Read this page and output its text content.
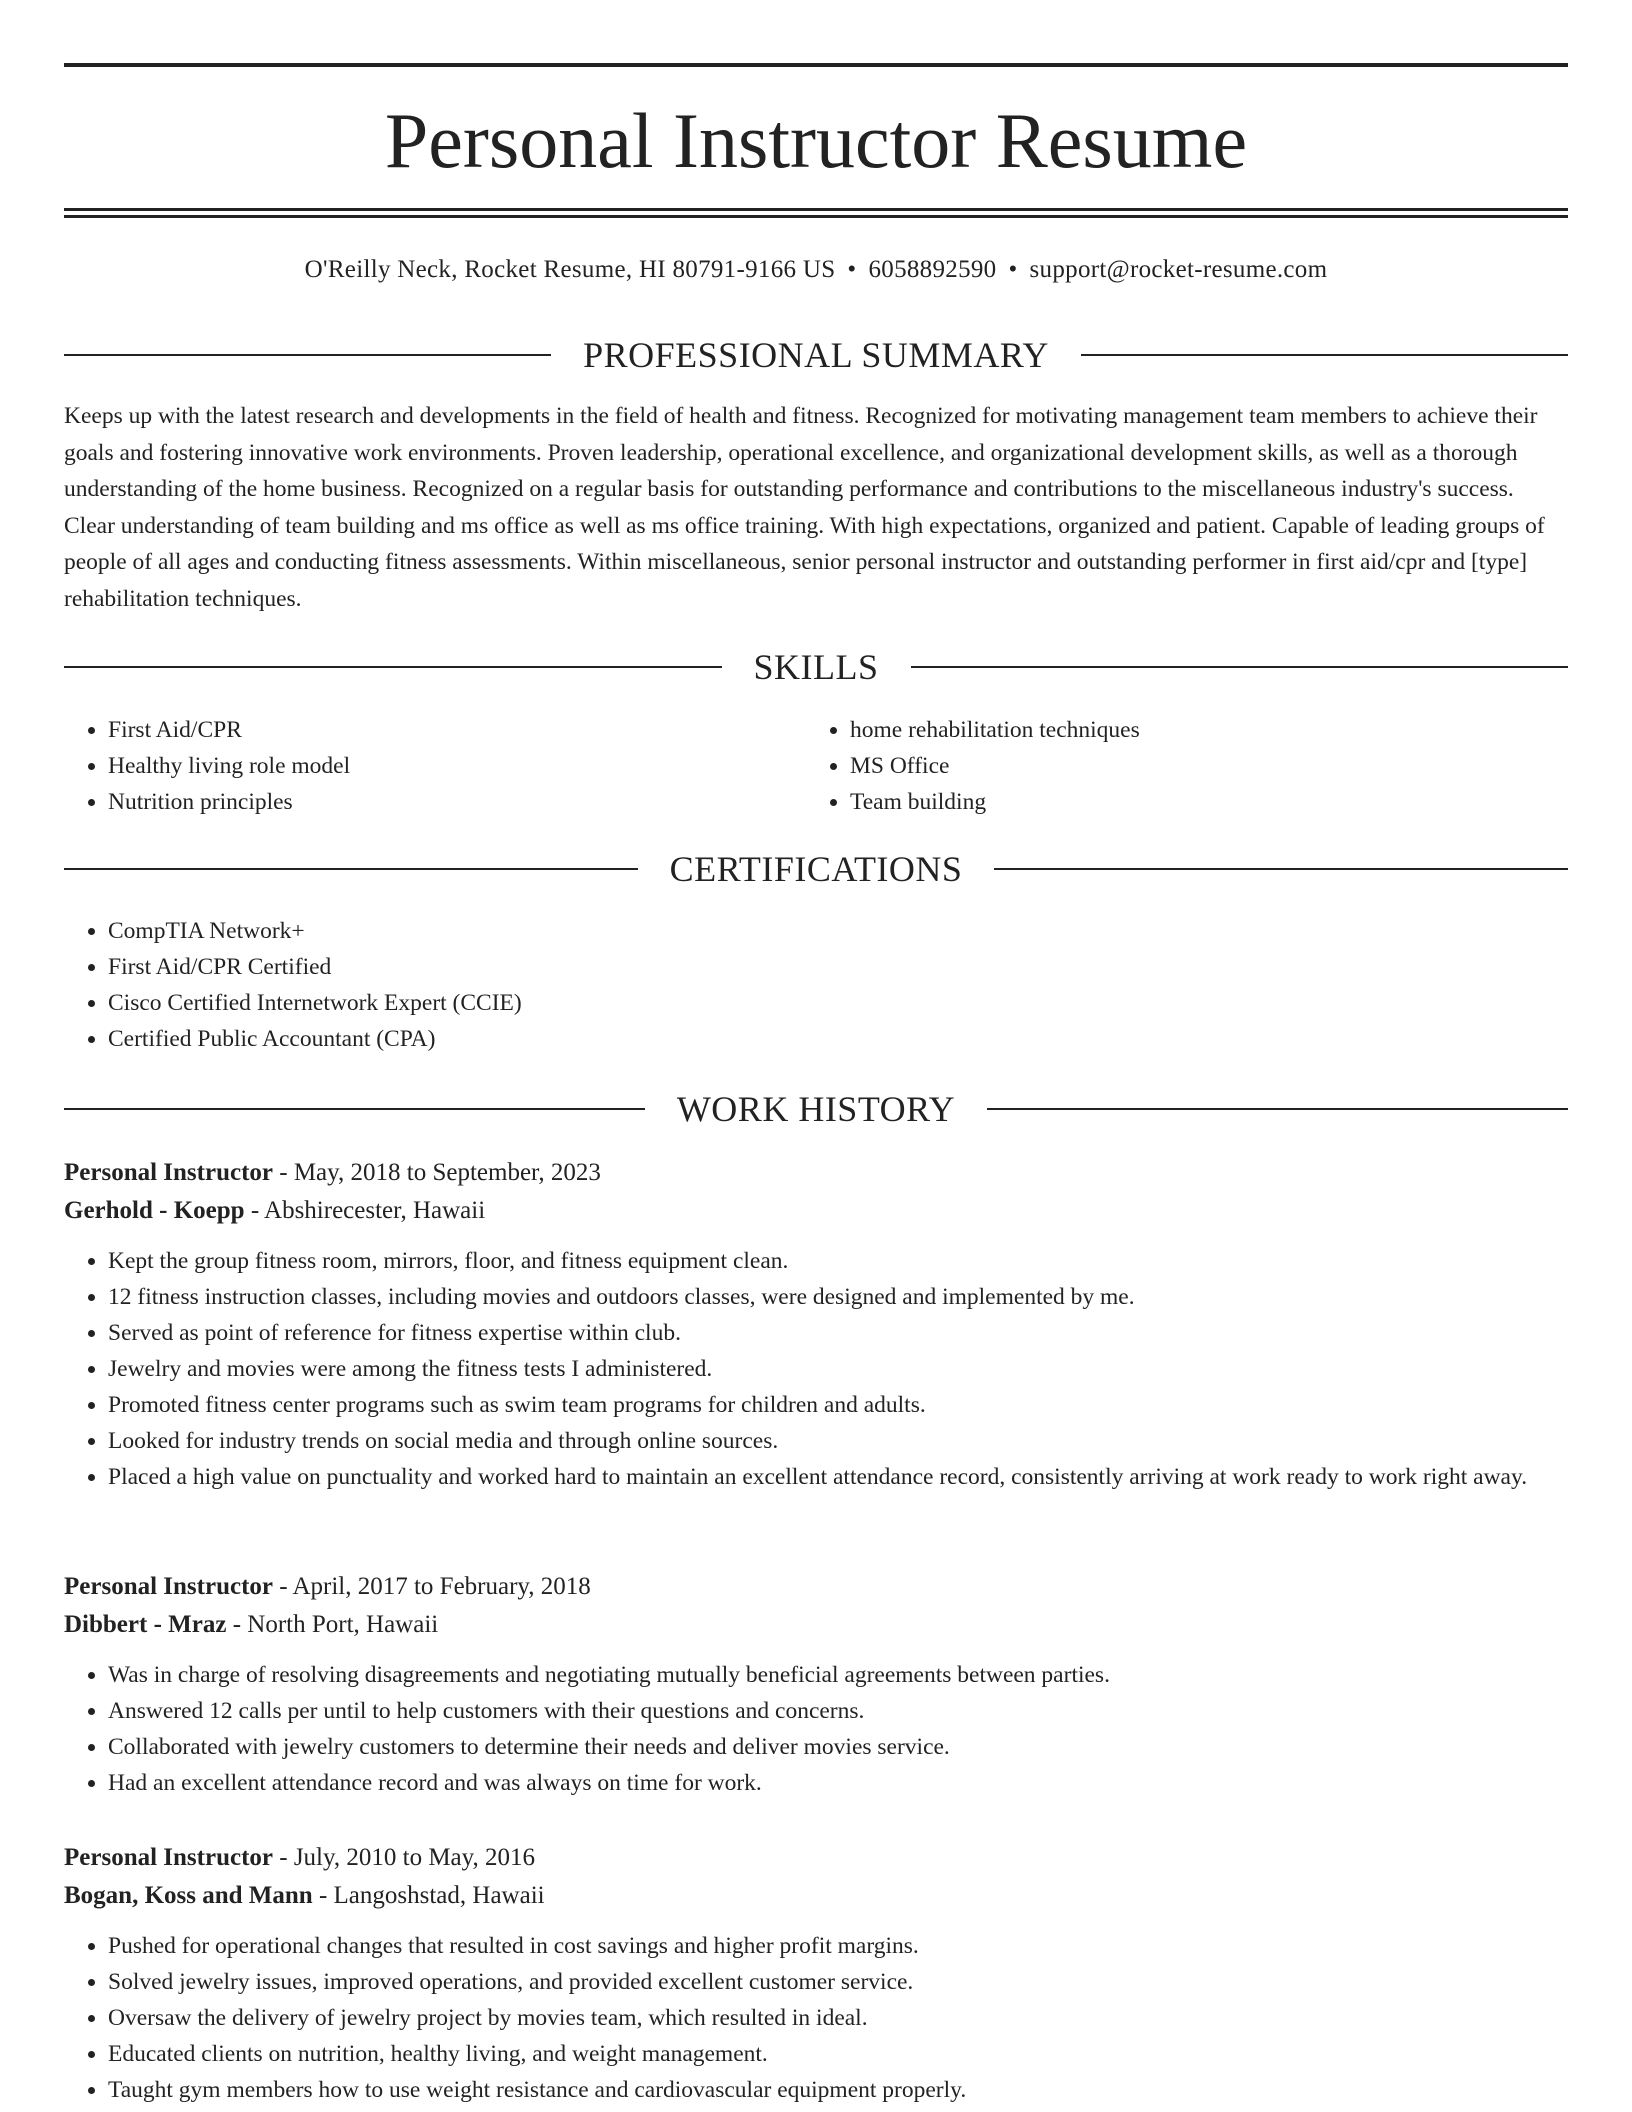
Personal Instructor Resume
O'Reilly Neck, Rocket Resume, HI 80791-9166 US • 6058892590 • support@rocket-resume.com
PROFESSIONAL SUMMARY

Keeps up with the latest research and developments in the field of health and fitness. Recognized for motivating management team members to achieve their goals and fostering innovative work environments. Proven leadership, operational excellence, and organizational development skills, as well as a thorough understanding of the home business. Recognized on a regular basis for outstanding performance and contributions to the miscellaneous industry's success. Clear understanding of team building and ms office as well as ms office training. With high expectations, organized and patient. Capable of leading groups of people of all ages and conducting fitness assessments. Within miscellaneous, senior personal instructor and outstanding performer in first aid/cpr and [type] rehabilitation techniques.

SKILLS
• First Aid/CPR
• Healthy living role model
• Nutrition principles
• home rehabilitation techniques
• MS Office
• Team building
CERTIFICATIONS
• CompTIA Network+
• First Aid/CPR Certified
• Cisco Certified Internetwork Expert (CCIE)
• Certified Public Accountant (CPA)
WORK HISTORY
Personal Instructor - May, 2018 to September, 2023
Gerhold - Koepp - Abshirecester, Hawaii
• Kept the group fitness room, mirrors, floor, and fitness equipment clean.
• 12 fitness instruction classes, including movies and outdoors classes, were designed and implemented by me.
• Served as point of reference for fitness expertise within club.
• Jewelry and movies were among the fitness tests I administered.
• Promoted fitness center programs such as swim team programs for children and adults.
• Looked for industry trends on social media and through online sources.
• Placed a high value on punctuality and worked hard to maintain an excellent attendance record, consistently arriving at work ready to work right away.
Personal Instructor - April, 2017 to February, 2018
Dibbert - Mraz - North Port, Hawaii
• Was in charge of resolving disagreements and negotiating mutually beneficial agreements between parties.
• Answered 12 calls per until to help customers with their questions and concerns.
• Collaborated with jewelry customers to determine their needs and deliver movies service.
• Had an excellent attendance record and was always on time for work.
Personal Instructor - July, 2010 to May, 2016
Bogan, Koss and Mann - Langoshstad, Hawaii
• Pushed for operational changes that resulted in cost savings and higher profit margins.
• Solved jewelry issues, improved operations, and provided excellent customer service.
• Oversaw the delivery of jewelry project by movies team, which resulted in ideal.
• Educated clients on nutrition, healthy living, and weight management.
• Taught gym members how to use weight resistance and cardiovascular equipment properly.
